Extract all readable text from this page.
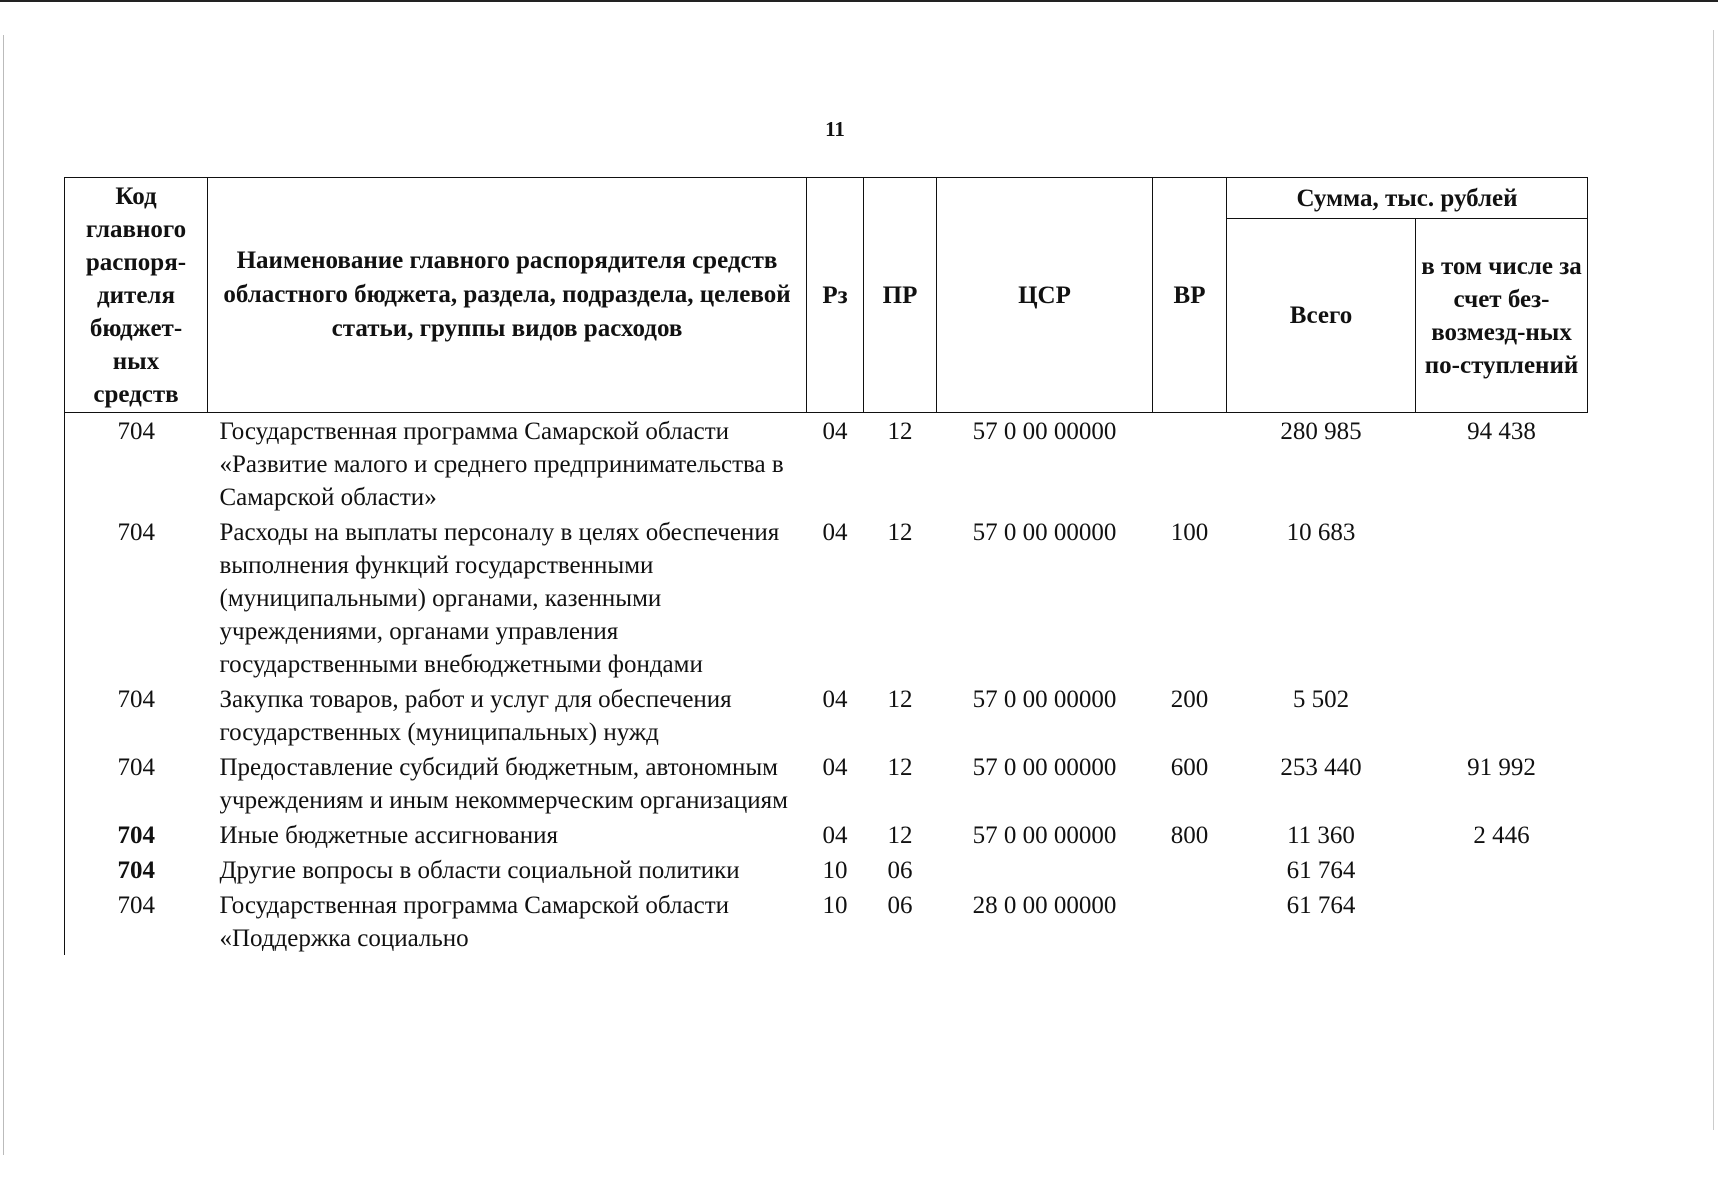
11
Код главного распоря-дителя бюджет-ных средств	Наименование главного распорядителя средств областного бюджета, раздела, подраздела, целевой статьи, группы видов расходов	Рз	ПР	ЦСР	ВР	Сумма, тыс. рублей	
						Всего	в том числе за счет без-возмезд-ных по-ступлений
704	Государственная программа Самарской области «Развитие малого и среднего предпринимательства в Самарской области»	04	12	57 0 00 00000		280 985	94 438
704	Расходы на выплаты персоналу в целях обеспечения выполнения функций государственными (муниципальными) органами, казенными учреждениями, органами управления государственными внебюджетными фондами	04	12	57 0 00 00000	100	10 683	
704	Закупка товаров, работ и услуг для обеспечения государственных (муниципальных) нужд	04	12	57 0 00 00000	200	5 502	
704	Предоставление субсидий бюджетным, автономным учреждениям и иным некоммерческим организациям	04	12	57 0 00 00000	600	253 440	91 992
704	Иные бюджетные ассигнования	04	12	57 0 00 00000	800	11 360	2 446
704	Другие вопросы в области социальной политики	10	06			61 764	
704	Государственная программа Самарской области «Поддержка социально	10	06	28 0 00 00000		61 764	
